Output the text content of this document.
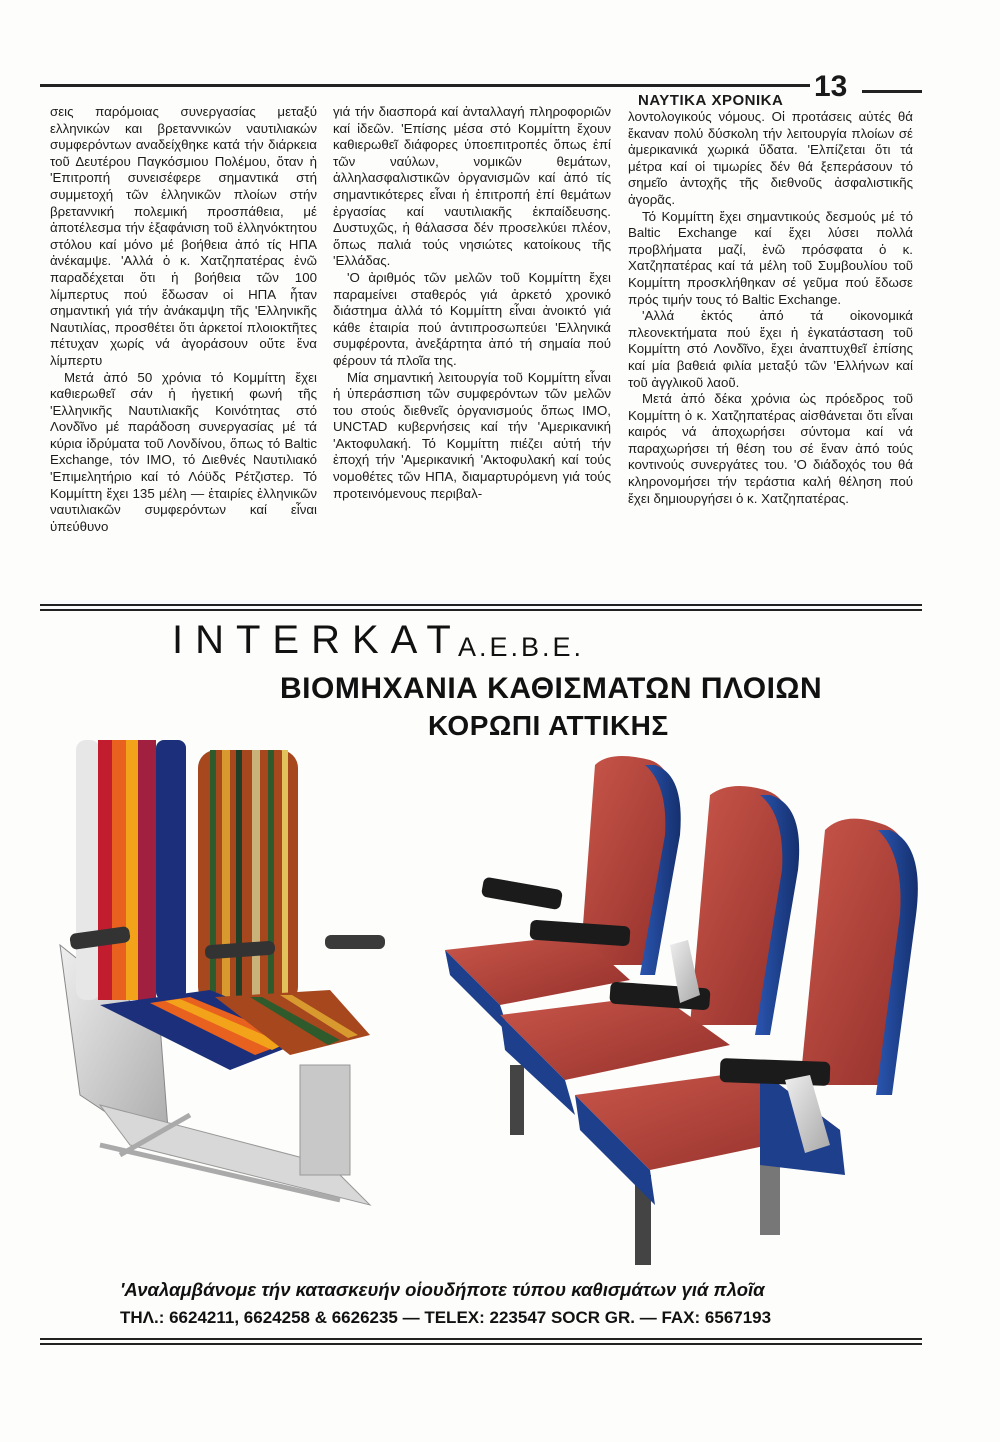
ΝΑΥΤΙΚΑ ΧΡΟΝΙΚΑ 13

σεις παρόμοιας συνεργασίας μεταξύ ελληνικών και βρεταννικών ναυτιλιακών συμφερόντων αναδείχθηκε κατά τήν διάρκεια τοῦ Δευτέρου Παγκόσμιου Πολέμου, ὅταν ἡ 'Επιτροπή συνεισέφερε σημαντικά στή συμμετοχή τῶν ἑλληνικῶν πλοίων στήν βρεταννική πολεμική προσπάθεια, μέ ἀποτέλεσμα τήν ἐξαφάνιση τοῦ ἑλληνόκτητου στόλου καί μόνο μέ βοήθεια ἀπό τίς ΗΠΑ ἀνέκαμψε. 'Αλλά ὁ κ. Χατζηπατέρας ἐνῶ παραδέχεται ὅτι ἡ βοήθεια τῶν 100 λίμπερτυς πού ἔδωσαν οἱ ΗΠΑ ἦταν σημαντική γιά τήν ἀνάκαμψη τῆς 'Ελληνικῆς Ναυτιλίας, προσθέτει ὅτι ἀρκετοί πλοιοκτῆτες πέτυχαν χωρίς νά ἀγοράσουν οὔτε ἕνα λίμπερτυ

Μετά ἀπό 50 χρόνια τό Κομμίττη ἔχει καθιερωθεῖ σάν ἡ ἡγετική φωνή τῆς 'Ελληνικῆς Ναυτιλιακῆς Κοινότητας στό Λονδῖνο μέ παράδοση συνεργασίας μέ τά κύρια ἱδρύματα τοῦ Λονδίνου, ὅπως τό Baltic Exchange, τόν ΙΜΟ, τό Διεθνές Ναυτιλιακό 'Επιμελητήριο καί τό Λόϋδς Ρέτζιστερ. Τό Κομμίττη ἔχει 135 μέλη — ἑταιρίες ἑλληνικῶν ναυτιλιακῶν συμφερόντων καί εἶναι ὑπεύθυνο

γιά τήν διασπορά καί ἀνταλλαγή πληροφοριῶν καί ἰδεῶν. 'Επίσης μέσα στό Κομμίττη ἔχουν καθιερωθεῖ διάφορες ὑποεπιτροπές ὅπως ἐπί τῶν ναύλων, νομικῶν θεμάτων, ἀλληλασφαλιστικῶν ὀργανισμῶν καί ἀπό τίς σημαντικότερες εἶναι ἡ ἐπιτροπή ἐπί θεμάτων ἐργασίας καί ναυτιλιακῆς ἐκπαίδευσης. Δυστυχῶς, ἡ θάλασσα δέν προσελκύει πλέον, ὅπως παλιά τούς νησιώτες κατοίκους τῆς 'Ελλάδας.

'Ο ἀριθμός τῶν μελῶν τοῦ Κομμίττη ἔχει παραμείνει σταθερός γιά ἀρκετό χρονικό διάστημα ἀλλά τό Κομμίττη εἶναι ἀνοικτό γιά κάθε ἑταιρία πού ἀντιπροσωπεύει 'Ελληνικά συμφέροντα, ἀνεξάρτητα ἀπό τή σημαία πού φέρουν τά πλοῖα της.

Μία σημαντική λειτουργία τοῦ Κομμίττη εἶναι ἡ ὑπεράσπιση τῶν συμφερόντων τῶν μελῶν του στούς διεθνεῖς ὀργανισμούς ὅπως ΙΜΟ, UNCTAD κυβερνήσεις καί τήν 'Αμερικανική 'Ακτοφυλακή. Τό Κομμίττη πιέζει αὐτή τήν ἐποχή τήν 'Αμερικανική 'Ακτοφυλακή καί τούς νομοθέτες τῶν ΗΠΑ, διαμαρτυρόμενη γιά τούς προτεινόμενους περιβαλ-

λοντολογικούς νόμους. Οἱ προτάσεις αὐτές θά ἔκαναν πολύ δύσκολη τήν λειτουργία πλοίων σέ ἀμερικανικά χωρικά ὕδατα. 'Ελπίζεται ὅτι τά μέτρα καί οἱ τιμωρίες δέν θά ξεπεράσουν τό σημεῖο ἀντοχῆς τῆς διεθνοῦς ἀσφαλιστικῆς ἀγορᾶς.

Τό Κομμίττη ἔχει σημαντικούς δεσμούς μέ τό Baltic Exchange καί ἔχει λύσει πολλά προβλήματα μαζί, ἐνῶ πρόσφατα ὁ κ. Χατζηπατέρας καί τά μέλη τοῦ Συμβουλίου τοῦ Κομμίττη προσκλήθηκαν σέ γεῦμα πού ἔδωσε πρός τιμήν τους τό Baltic Exchange.

'Αλλά ἐκτός ἀπό τά οἰκονομικά πλεονεκτήματα πού ἔχει ἡ ἐγκατάσταση τοῦ Κομμίττη στό Λονδῖνο, ἔχει ἀναπτυχθεῖ ἐπίσης καί μία βαθειά φιλία μεταξύ τῶν 'Ελλήνων καί τοῦ ἀγγλικοῦ λαοῦ.

Μετά ἀπό δέκα χρόνια ὡς πρόεδρος τοῦ Κομμίττη ὁ κ. Χατζηπατέρας αἰσθάνεται ὅτι εἶναι καιρός νά ἀποχωρήσει σύντομα καί νά παραχωρήσει τή θέση του σέ ἕναν ἀπό τούς κοντινούς συνεργάτες του. 'Ο διάδοχός του θά κληρονομήσει τήν τεράστια καλή θέληση πού ἔχει δημιουργήσει ὁ κ. Χατζηπατέρας.

INTERKAT
Α.Ε.Β.Ε.
ΒΙΟΜΗΧΑΝΙΑ ΚΑΘΙΣΜΑΤΩΝ ΠΛΟΙΩΝ
ΚΟΡΩΠΙ ΑΤΤΙΚΗΣ
'Αναλαμβάνομε τήν κατασκευήν οἱουδήποτε τύπου καθισμάτων γιά πλοῖα
ΤΗΛ.: 6624211, 6624258 & 6626235 — TELEX: 223547 SOCR GR. — FAX: 6567193
